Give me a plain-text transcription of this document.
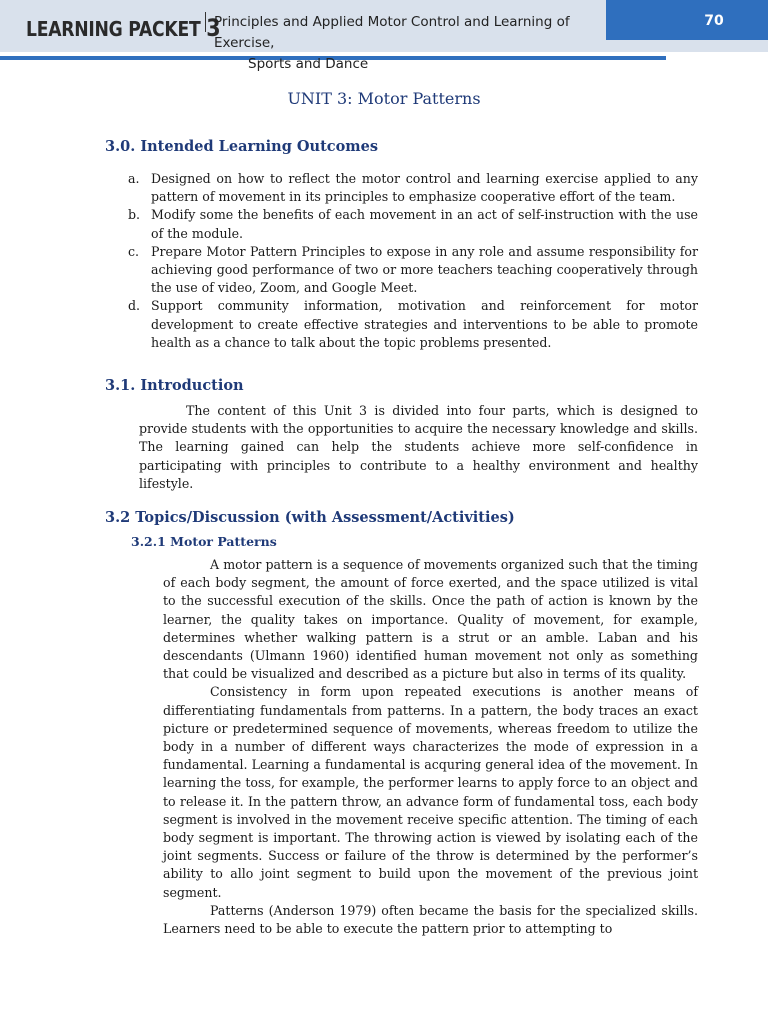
LEARNING PACKET 3
Principles and Applied Motor Control and Learning of Exercise,
Sports and Dance
70
UNIT 3: Motor Patterns
3.0. Intended Learning Outcomes
a. Designed on how to reflect the motor control and learning exercise applied to any pattern of movement in its principles to emphasize cooperative effort of the team.
b. Modify some the benefits of each movement in an act of self-instruction with the use of the module.
c. Prepare Motor Pattern Principles to expose in any role and assume responsibility for achieving good performance of two or more teachers teaching cooperatively through the use of video, Zoom, and Google Meet.
d. Support community information, motivation and reinforcement for motor development to create effective strategies and interventions to be able to promote health as a chance to talk about the topic problems presented.
3.1. Introduction

The content of this Unit 3 is divided into four parts, which is designed to provide students with the opportunities to acquire the necessary knowledge and skills. The learning gained can help the students achieve more self-confidence in participating with principles to contribute to a healthy environment and healthy lifestyle.

3.2 Topics/Discussion (with Assessment/Activities)
3.2.1 Motor Patterns

A motor pattern is a sequence of movements organized such that the timing of each body segment, the amount of force exerted, and the space utilized is vital to the successful execution of the skills. Once the path of action is known by the learner, the quality takes on importance. Quality of movement, for example, determines whether walking pattern is a strut or an amble. Laban and his descendants (Ulmann 1960) identified human movement not only as something that could be visualized and described as a picture but also in terms of its quality.

Consistency in form upon repeated executions is another means of differentiating fundamentals from patterns. In a pattern, the body traces an exact picture or predetermined sequence of movements, whereas freedom to utilize the body in a number of different ways characterizes the mode of expression in a fundamental. Learning a fundamental is acquring general idea of the movement. In learning the toss, for example, the performer learns to apply force to an object and to release it. In the pattern throw, an advance form of fundamental toss, each body segment is involved in the movement receive specific attention. The timing of each body segment is important. The throwing action is viewed by isolating each of the joint segments. Success or failure of the throw is determined by the performer’s ability to allo joint segment to build upon the movement of the previous joint segment.

Patterns (Anderson 1979) often became the basis for the specialized skills. Learners need to be able to execute the pattern prior to attempting to
